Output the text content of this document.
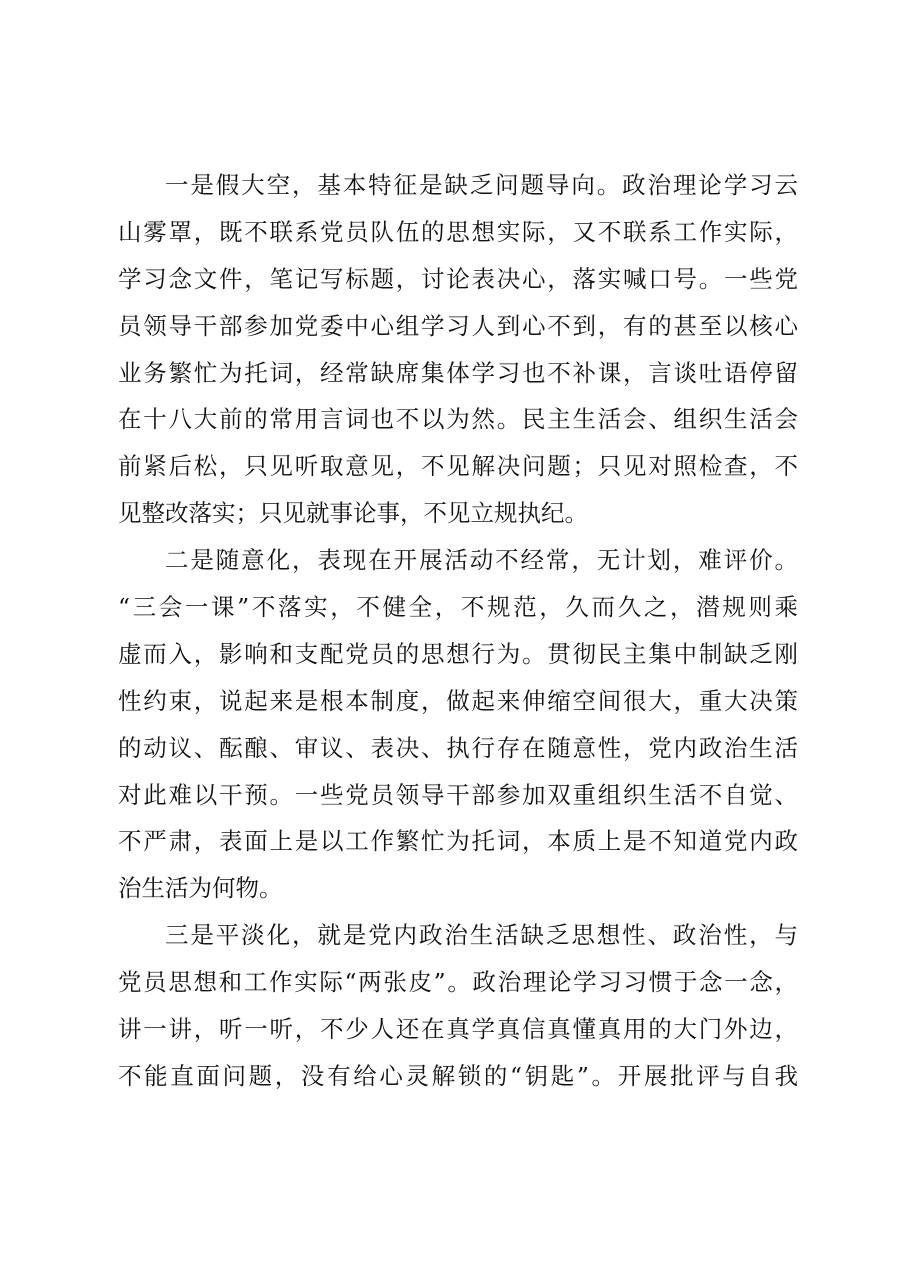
一是假大空，基本特征是缺乏问题导向。政治理论学习云
山雾罩，既不联系党员队伍的思想实际，又不联系工作实际，
学习念文件，笔记写标题，讨论表决心，落实喊口号。一些党
员领导干部参加党委中心组学习人到心不到，有的甚至以核心
业务繁忙为托词，经常缺席集体学习也不补课，言谈吐语停留
在十八大前的常用言词也不以为然。民主生活会、组织生活会
前紧后松，只见听取意见，不见解决问题；只见对照检查，不
见整改落实；只见就事论事，不见立规执纪。
二是随意化，表现在开展活动不经常，无计划，难评价。
“三会一课”不落实，不健全，不规范，久而久之，潜规则乘
虚而入，影响和支配党员的思想行为。贯彻民主集中制缺乏刚
性约束，说起来是根本制度，做起来伸缩空间很大，重大决策
的动议、酝酿、审议、表决、执行存在随意性，党内政治生活
对此难以干预。一些党员领导干部参加双重组织生活不自觉、
不严肃，表面上是以工作繁忙为托词，本质上是不知道党内政
治生活为何物。
三是平淡化，就是党内政治生活缺乏思想性、政治性，与
党员思想和工作实际“两张皮”。政治理论学习习惯于念一念，
讲一讲，听一听，不少人还在真学真信真懂真用的大门外边，
不能直面问题，没有给心灵解锁的“钥匙”。开展批评与自我
